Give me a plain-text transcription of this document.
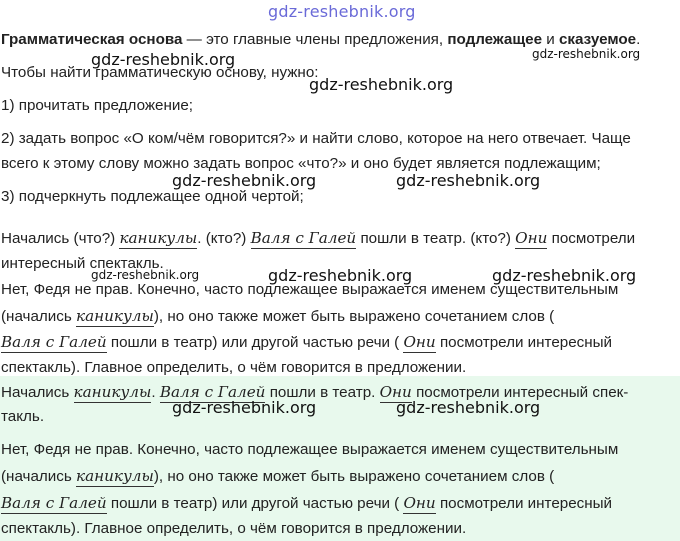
gdz-reshebnik.org
Грамматическая основа — это главные члены предложения, подлежащее и сказуемое.
gdz-reshebnik.org
Чтобы найти грамматическую основу, нужно:
gdz-reshebnik.org
gdz-reshebnik.org
1) прочитать предложение;
2) задать вопрос «О ком/чём говорится?» и найти слово, которое на него отвечает. Чаще
всего к этому слову можно задать вопрос «что?» и оно будет является подлежащим;
gdz-reshebnik.org	gdz-reshebnik.org
3) подчеркнуть подлежащее одной чертой;
Начались (что?) каникулы. (кто?) Валя с Галей пошли в театр. (кто?) Они посмотрели
интересный спектакль.
gdz-reshebnik.org	gdz-reshebnik.org	gdz-reshebnik.org
Нет, Федя не прав. Конечно, часто подлежащее выражается именем существительным
(начались каникулы), но оно также может быть выражено сочетанием слов (
Валя с Галей пошли в театр) или другой частью речи ( Они посмотрели интересный
спектакль). Главное определить, о чём говорится в предложении.
Начались каникулы. Валя с Галей пошли в театр. Они посмотрели интересный спек-
такль.	gdz-reshebnik.org	gdz-reshebnik.org
Нет, Федя не прав. Конечно, часто подлежащее выражается именем существительным
(начались каникулы), но оно также может быть выражено сочетанием слов (
Валя с Галей пошли в театр) или другой частью речи ( Они посмотрели интересный
спектакль). Главное определить, о чём говорится в предложении.
